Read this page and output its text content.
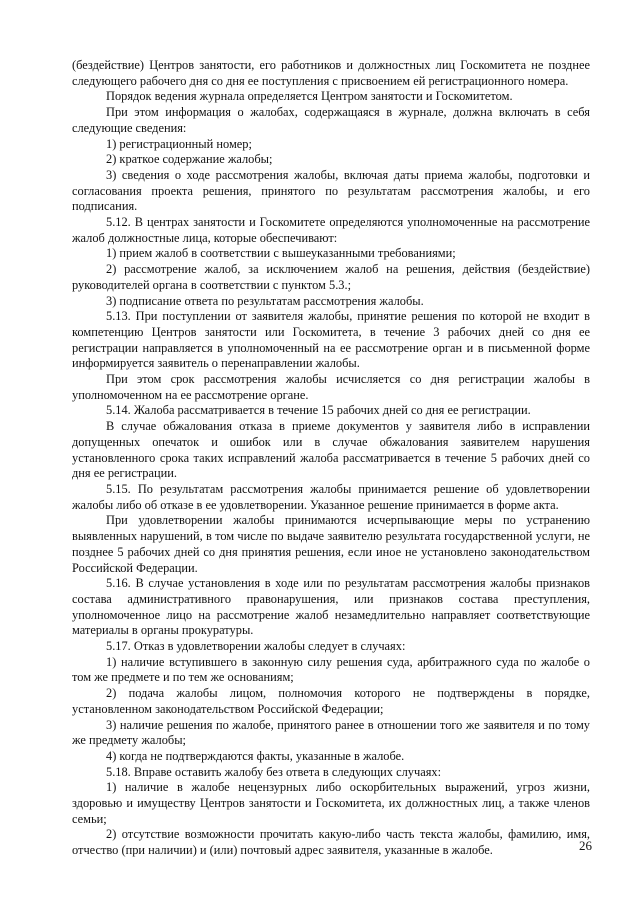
(бездействие) Центров занятости, его работников и должностных лиц Госкомитета не позднее следующего рабочего дня со дня ее поступления с присвоением ей регистрационного номера.

Порядок ведения журнала определяется Центром занятости и Госкомитетом.

При этом информация о жалобах, содержащаяся в журнале, должна включать в себя следующие сведения:

1) регистрационный номер;

2) краткое содержание жалобы;

3) сведения о ходе рассмотрения жалобы, включая даты приема жалобы, подготовки и согласования проекта решения, принятого по результатам рассмотрения жалобы, и его подписания.

5.12. В центрах занятости и Госкомитете определяются уполномоченные на рассмотрение жалоб должностные лица, которые обеспечивают:

1) прием жалоб в соответствии с вышеуказанными требованиями;

2) рассмотрение жалоб, за исключением жалоб на решения, действия (бездействие) руководителей органа в соответствии с пунктом 5.3.;

3) подписание ответа по результатам рассмотрения жалобы.

5.13. При поступлении от заявителя жалобы, принятие решения по которой не входит в компетенцию Центров занятости или Госкомитета, в течение 3 рабочих дней со дня ее регистрации направляется в уполномоченный на ее рассмотрение орган и в письменной форме информируется заявитель о перенаправлении жалобы.

При этом срок рассмотрения жалобы исчисляется со дня регистрации жалобы в уполномоченном на ее рассмотрение органе.

5.14. Жалоба рассматривается в течение 15 рабочих дней со дня ее регистрации.

В случае обжалования отказа в приеме документов у заявителя либо в исправлении допущенных опечаток и ошибок или в случае обжалования заявителем нарушения установленного срока таких исправлений жалоба рассматривается в течение 5 рабочих дней со дня ее регистрации.

5.15. По результатам рассмотрения жалобы принимается решение об удовлетворении жалобы либо об отказе в ее удовлетворении. Указанное решение принимается в форме акта.

При удовлетворении жалобы принимаются исчерпывающие меры по устранению выявленных нарушений, в том числе по выдаче заявителю результата государственной услуги, не позднее 5 рабочих дней со дня принятия решения, если иное не установлено законодательством Российской Федерации.

5.16. В случае установления в ходе или по результатам рассмотрения жалобы признаков состава административного правонарушения, или признаков состава преступления, уполномоченное лицо на рассмотрение жалоб незамедлительно направляет соответствующие материалы в органы прокуратуры.

5.17. Отказ в удовлетворении жалобы следует в случаях:

1) наличие вступившего в законную силу решения суда, арбитражного суда по жалобе о том же предмете и по тем же основаниям;

2) подача жалобы лицом, полномочия которого не подтверждены в порядке, установленном законодательством Российской Федерации;

3) наличие решения по жалобе, принятого ранее в отношении того же заявителя и по тому же предмету жалобы;

4) когда не подтверждаются факты, указанные в жалобе.

5.18. Вправе оставить жалобу без ответа в следующих случаях:

1) наличие в жалобе нецензурных либо оскорбительных выражений, угроз жизни, здоровью и имуществу Центров занятости и Госкомитета, их должностных лиц, а также членов семьи;

2) отсутствие возможности прочитать какую-либо часть текста жалобы, фамилию, имя, отчество (при наличии) и (или) почтовый адрес заявителя, указанные в жалобе.	26
